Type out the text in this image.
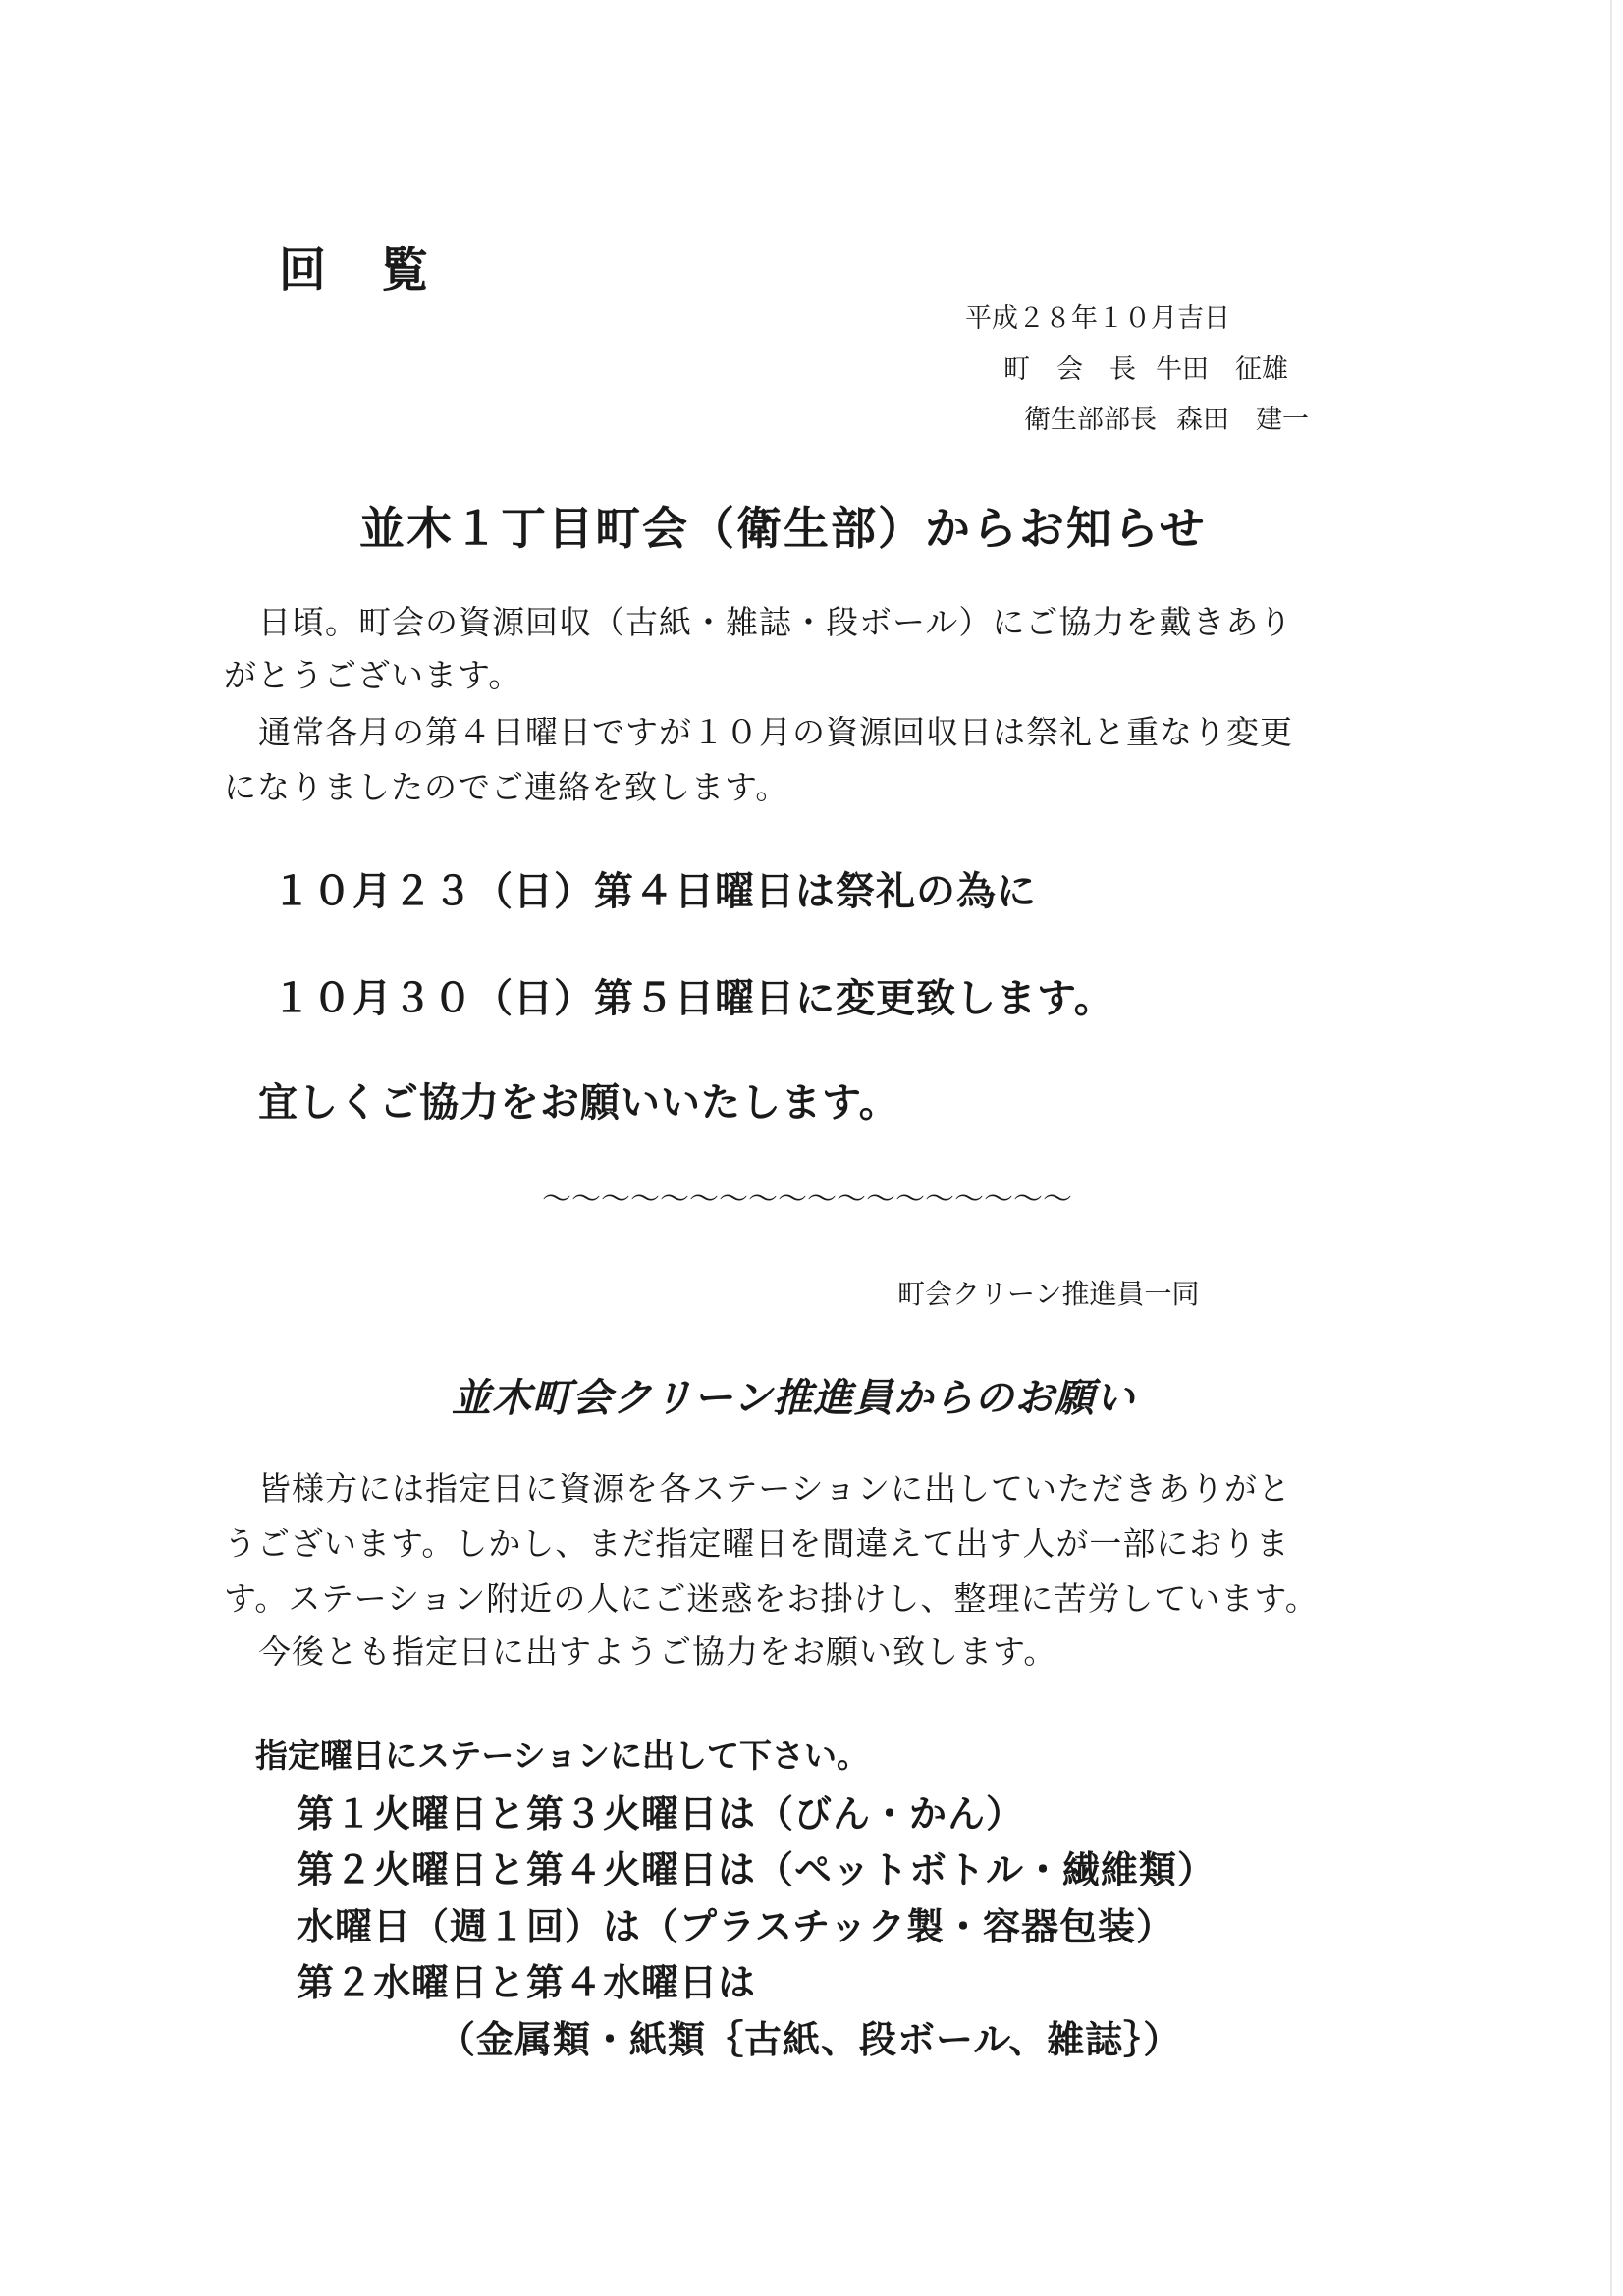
回 覧
平成２８年１０月吉日
町　会　長 牛田　征雄
衛生部部長 森田　建一
並木１丁目町会（衛生部）からお知らせ
日頃。町会の資源回収（古紙・雑誌・段ボール）にご協力を戴きあり
がとうございます。
通常各月の第４日曜日ですが１０月の資源回収日は祭礼と重なり変更
になりましたのでご連絡を致します。
１０月２３（日）第４日曜日は祭礼の為に
１０月３０（日）第５日曜日に変更致します。
宜しくご協力をお願いいたします。
～～～～～～～～～～～～～～～～～～
町会クリーン推進員一同
並木町会クリーン推進員からのお願い
皆様方には指定日に資源を各ステーションに出していただきありがと
うございます。しかし、まだ指定曜日を間違えて出す人が一部におりま
す。ステーション附近の人にご迷惑をお掛けし、整理に苦労しています。
今後とも指定日に出すようご協力をお願い致します。
指定曜日にステーションに出して下さい。
第１火曜日と第３火曜日は（びん・かん）
第２火曜日と第４火曜日は（ペットボトル・繊維類）
水曜日（週１回）は（プラスチック製・容器包装）
第２水曜日と第４水曜日は
（金属類・紙類｛古紙、段ボール、雑誌｝）
